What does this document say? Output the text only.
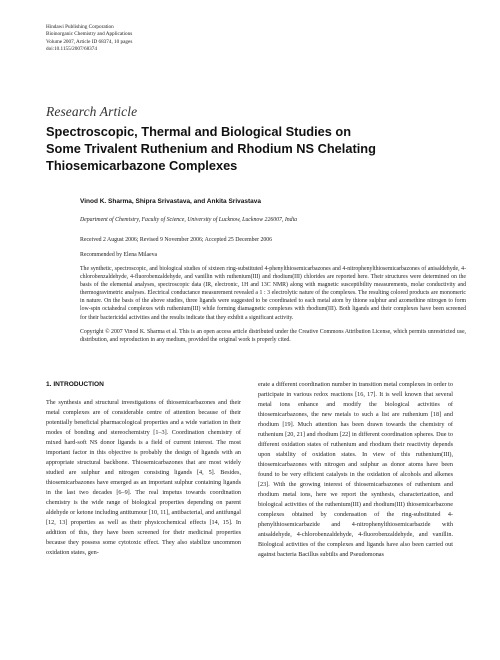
Hindawi Publishing Corporation
Bioinorganic Chemistry and Applications
Volume 2007, Article ID 68374, 10 pages
doi:10.1155/2007/68374
Research Article
Spectroscopic, Thermal and Biological Studies on
Some Trivalent Ruthenium and Rhodium NS Chelating
Thiosemicarbazone Complexes
Vinod K. Sharma, Shipra Srivastava, and Ankita Srivastava
Department of Chemistry, Faculty of Science, University of Lucknow, Lucknow 226007, India
Received 2 August 2006; Revised 9 November 2006; Accepted 25 December 2006
Recommended by Elena Milaeva

The synthetic, spectroscopic, and biological studies of sixteen ring-substituted 4-phenylthiosemicarbazones and 4-nitrophenylthiosemicarbazones of anisaldehyde, 4-chlorobenzaldehyde, 4-fluorobenzaldehyde, and vanillin with ruthenium(III) and rhodium(III) chlorides are reported here. Their structures were determined on the basis of the elemental analyses, spectroscopic data (IR, electronic, 1H and 13C NMR) along with magnetic susceptibility measurements, molar conductivity and thermogravimetric analyses. Electrical conductance measurement revealed a 1 : 3 electrolytic nature of the complexes. The resulting colored products are monomeric in nature. On the basis of the above studies, three ligands were suggested to be coordinated to each metal atom by thione sulphur and azomethine nitrogen to form low-spin octahedral complexes with ruthenium(III) while forming diamagnetic complexes with rhodium(III). Both ligands and their complexes have been screened for their bactericidal activities and the results indicate that they exhibit a significant activity.

Copyright © 2007 Vinod K. Sharma et al. This is an open access article distributed under the Creative Commons Attribution License, which permits unrestricted use, distribution, and reproduction in any medium, provided the original work is properly cited.

1. INTRODUCTION

The synthesis and structural investigations of thiosemicarbazones and their metal complexes are of considerable centre of attention because of their potentially beneficial pharmacological properties and a wide variation in their modes of bonding and stereochemistry [1–3]. Coordination chemistry of mixed hard-soft NS donor ligands is a field of current interest. The most important factor in this objective is probably the design of ligands with an appropriate structural backbone. Thiosemicarbazones that are most widely studied are sulphur and nitrogen consisting ligands [4, 5]. Besides, thiosemicarbazones have emerged as an important sulphur containing ligands in the last two decades [6–9]. The real impetus towards coordination chemistry is the wide range of biological properties depending on parent aldehyde or ketone including antitumour [10, 11], antibacterial, and antifungal [12, 13] properties as well as their physicochemical effects [14, 15]. In addition of this, they have been screened for their medicinal properties because they possess some cytotoxic effect. They also stabilize uncommon oxidation states, gen-

erate a different coordination number in transition metal complexes in order to participate in various redox reactions [16, 17]. It is well known that several metal ions enhance and modify the biological activities of thiosemicarbazones, the new metals to such a list are ruthenium [18] and rhodium [19]. Much attention has been drawn towards the chemistry of ruthenium [20, 21] and rhodium [22] in different coordination spheres. Due to different oxidation states of ruthenium and rhodium their reactivity depends upon stability of oxidation states. In view of this ruthenium(III), thiosemicarbazones with nitrogen and sulphur as donor atoms have been found to be very efficient catalysts in the oxidation of alcohols and alkenes [23]. With the growing interest of thiosemicarbazones of ruthenium and rhodium metal ions, here we report the synthesis, characterization, and biological activities of the ruthenium(III) and rhodium(III) thiosemicarbazone complexes obtained by condensation of the ring-substituted 4-phenylthiosemicarbazide and 4-nitrophenylthiosemicarbazide with anisaldehyde, 4-chlorobenzaldehyde, 4-fluorobenzaldehyde, and vanillin. Biological activities of the complexes and ligands have also been carried out against bacteria Bacillus subtilis and Pseudomonas
